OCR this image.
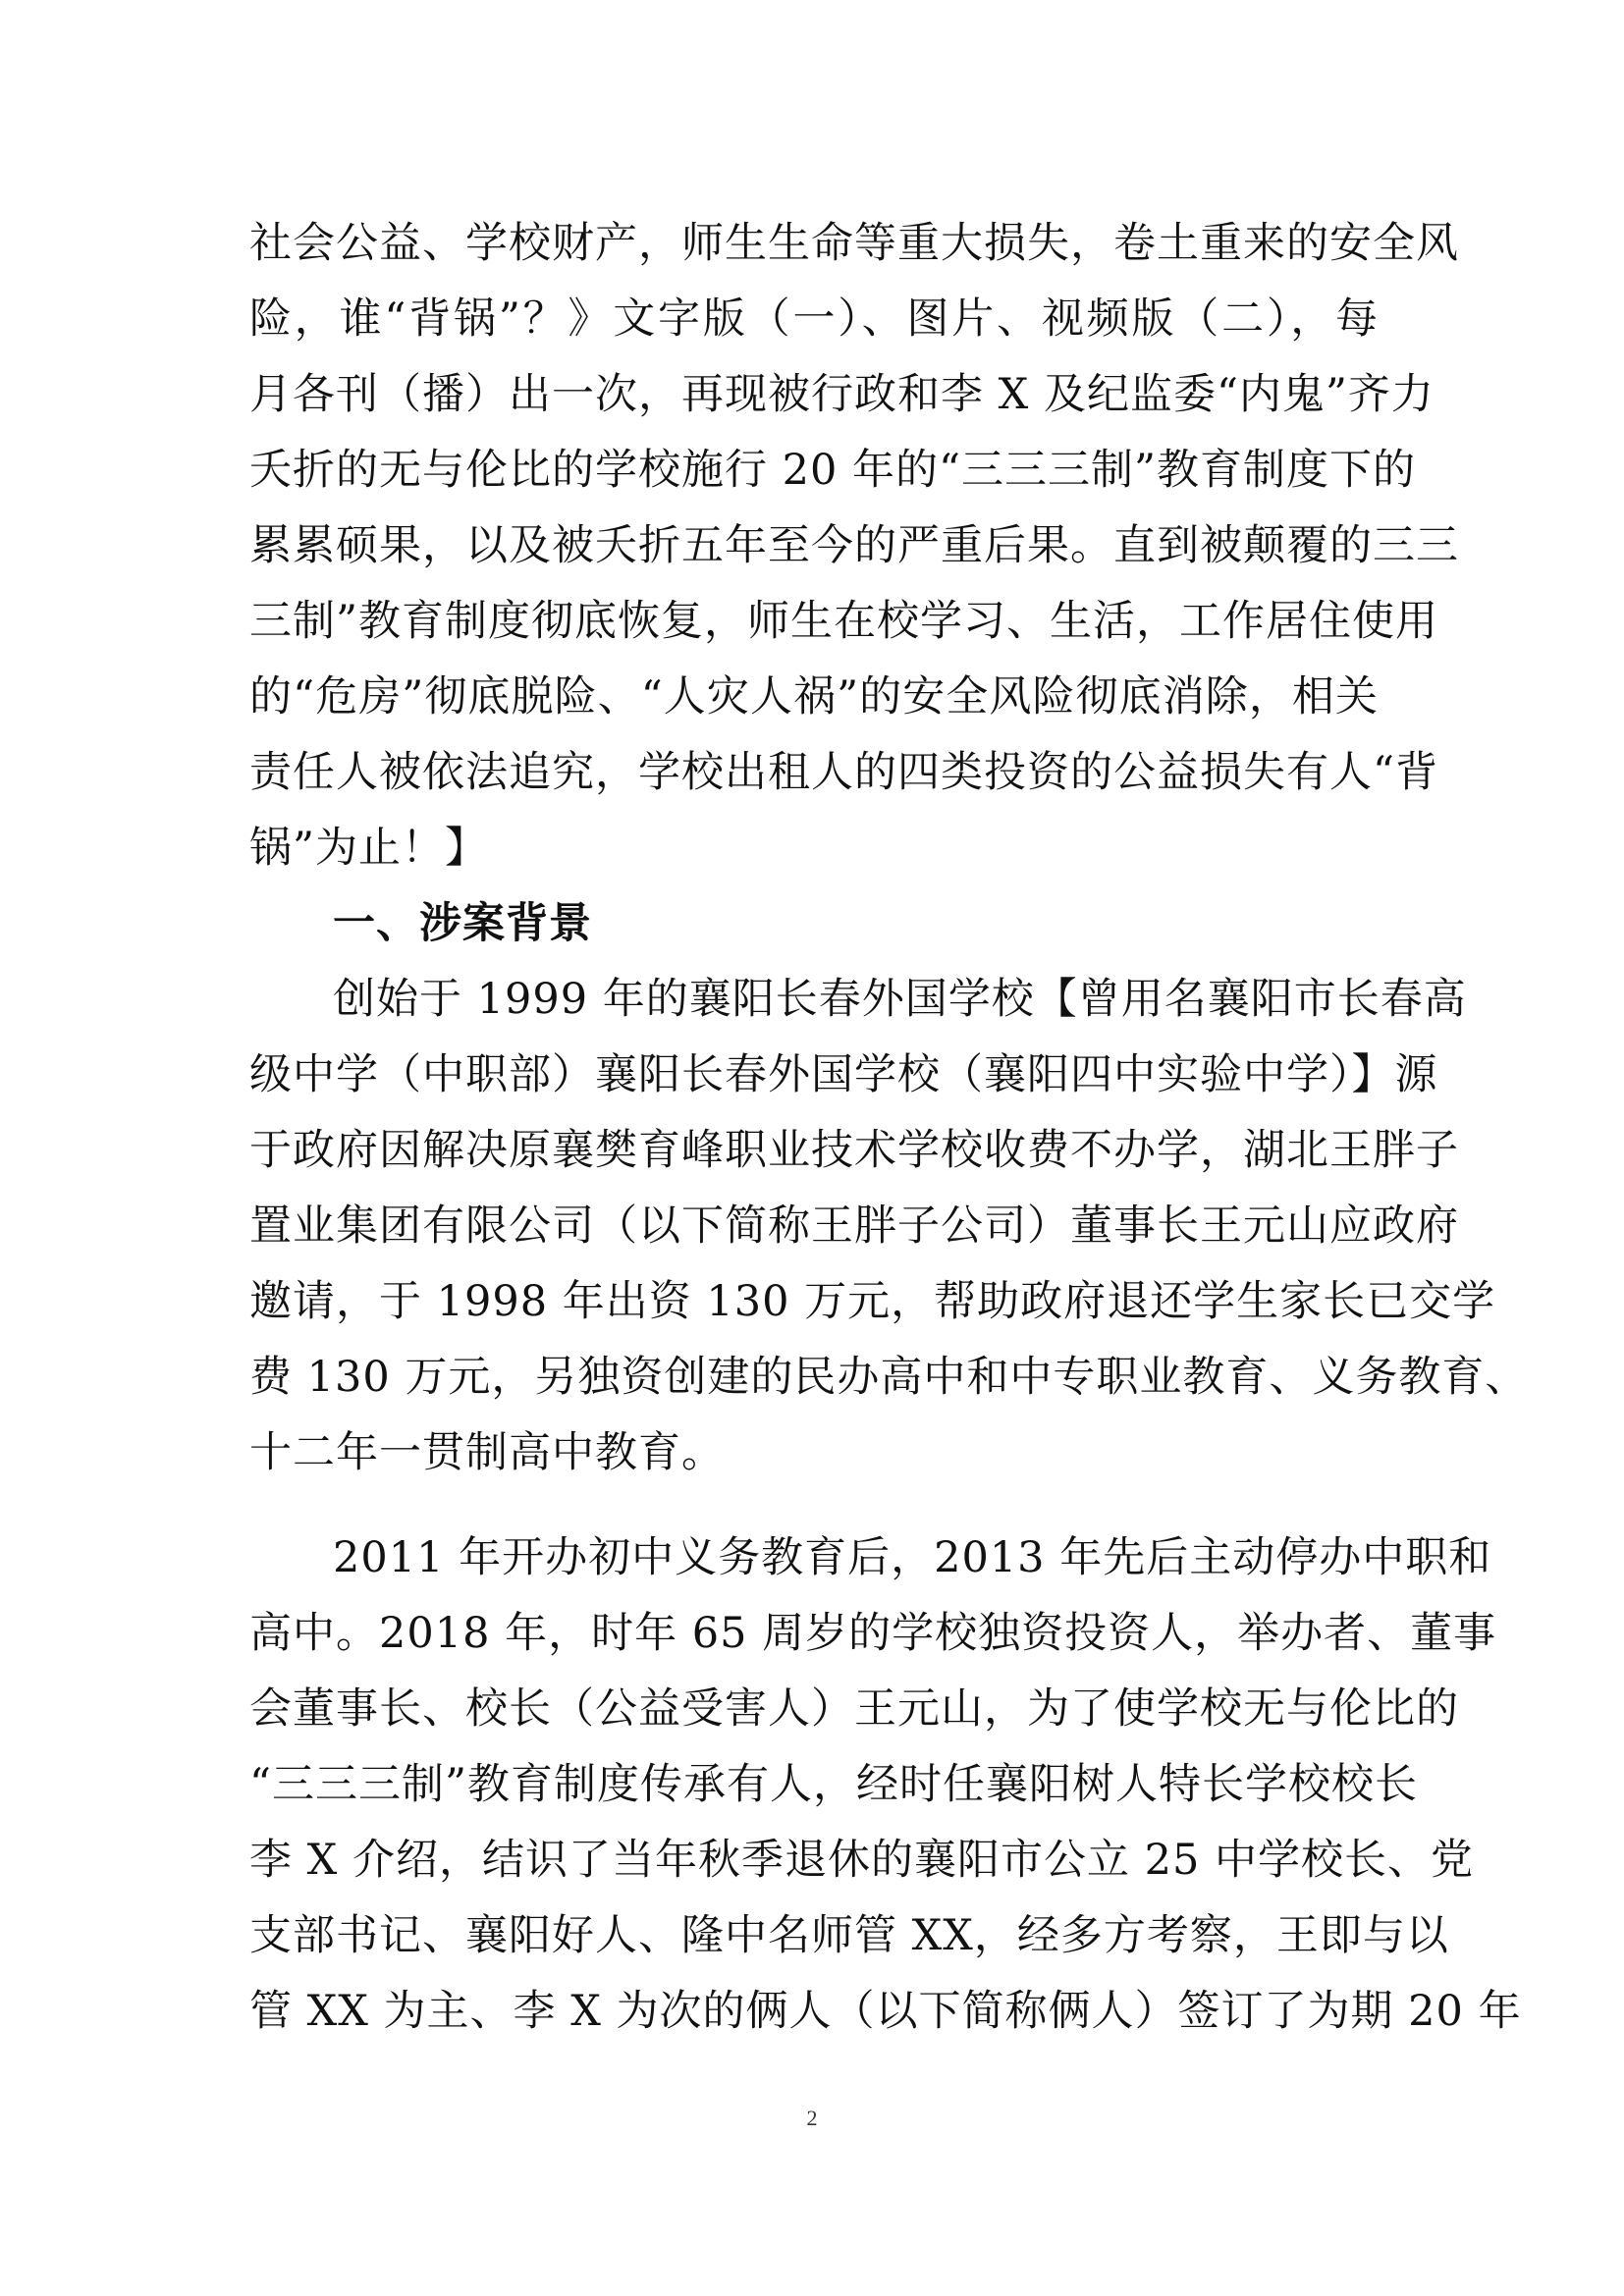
社会公益、学校财产，师生生命等重大损失，卷土重来的安全风
险，谁“背锅”？》文字版（一）、图片、视频版（二），每
月各刊（播）出一次，再现被行政和李 X 及纪监委“内鬼”齐力
夭折的无与伦比的学校施行 20 年的“三三三制”教育制度下的
累累硕果，以及被夭折五年至今的严重后果。直到被颠覆的三三
三制”教育制度彻底恢复，师生在校学习、生活，工作居住使用
的“危房”彻底脱险、“人灾人祸”的安全风险彻底消除，相关
责任人被依法追究，学校出租人的四类投资的公益损失有人“背
锅”为止！】
一、涉案背景
创始于 1999 年的襄阳长春外国学校【曾用名襄阳市长春高
级中学（中职部）襄阳长春外国学校（襄阳四中实验中学）】源
于政府因解决原襄樊育峰职业技术学校收费不办学，湖北王胖子
置业集团有限公司（以下简称王胖子公司）董事长王元山应政府
邀请，于 1998 年出资 130 万元，帮助政府退还学生家长已交学
费 130 万元，另独资创建的民办高中和中专职业教育、义务教育、
十二年一贯制高中教育。
2011 年开办初中义务教育后，2013 年先后主动停办中职和
高中。2018 年，时年 65 周岁的学校独资投资人，举办者、董事
会董事长、校长（公益受害人）王元山，为了使学校无与伦比的
“三三三制”教育制度传承有人，经时任襄阳树人特长学校校长
李 X 介绍，结识了当年秋季退休的襄阳市公立 25 中学校长、党
支部书记、襄阳好人、隆中名师管 XX，经多方考察，王即与以
管 XX 为主、李 X 为次的俩人（以下简称俩人）签订了为期 20 年
2
